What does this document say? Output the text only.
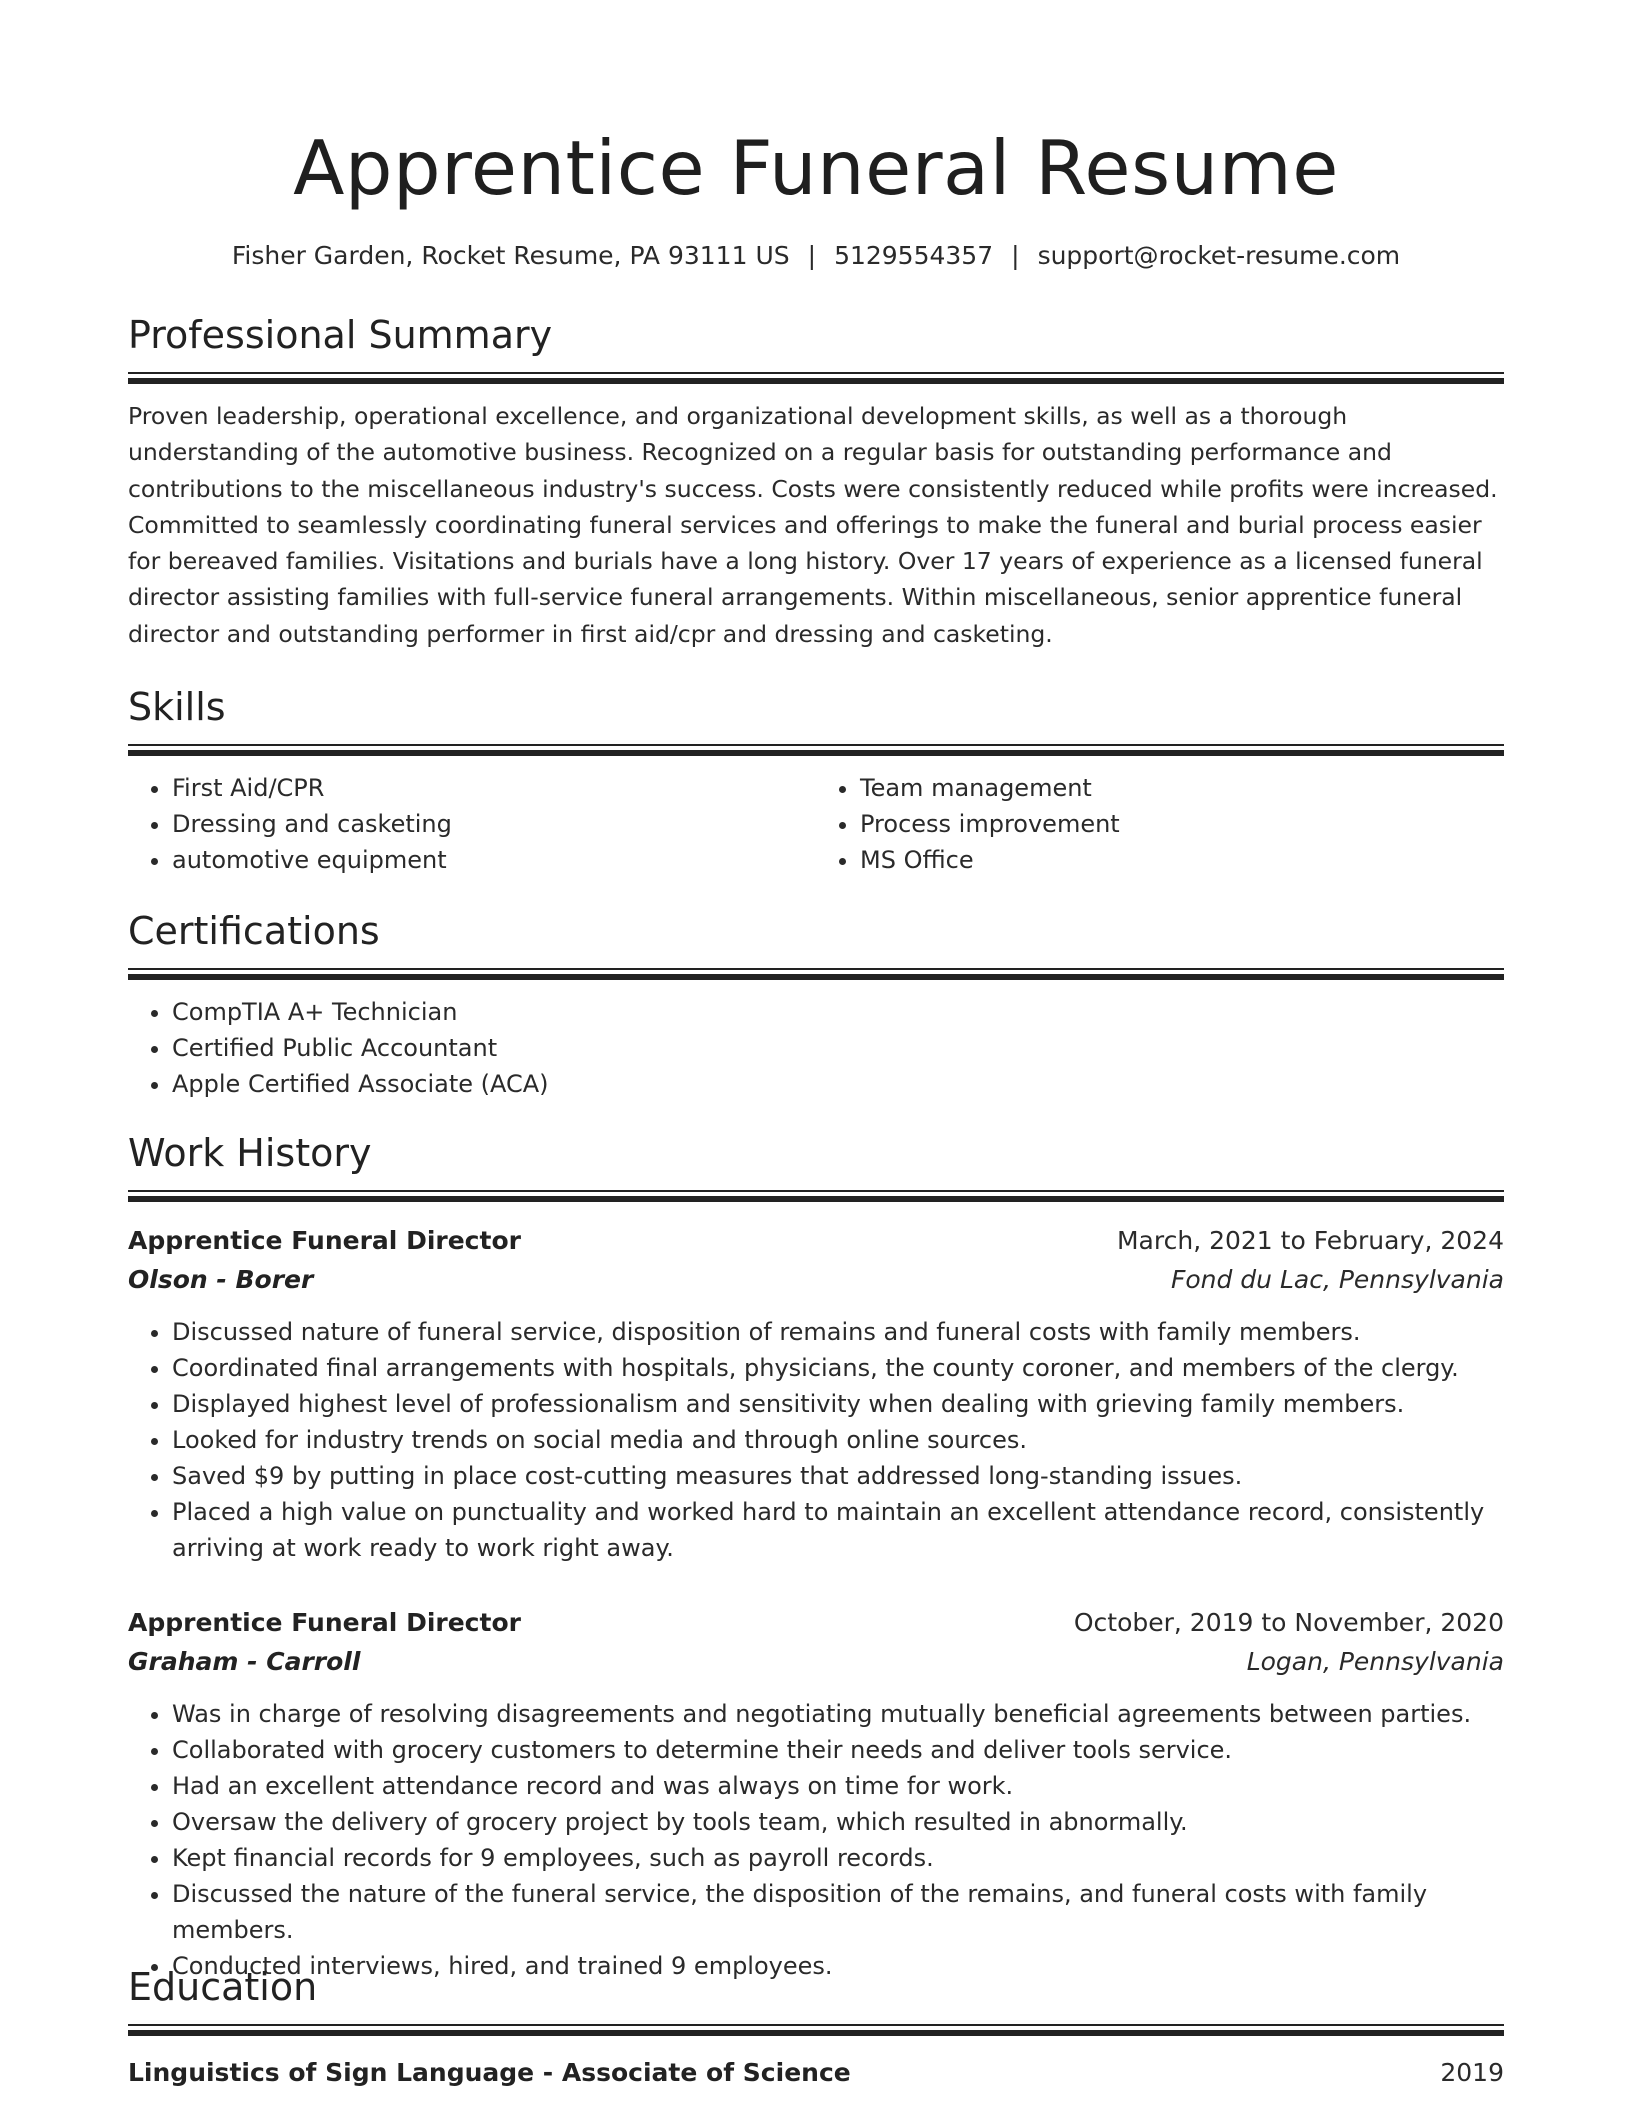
Apprentice Funeral Resume
Fisher Garden, Rocket Resume, PA 93111 US | 5129554357 | support@rocket-resume.com
Professional Summary

Proven leadership, operational excellence, and organizational development skills, as well as a thorough understanding of the automotive business. Recognized on a regular basis for outstanding performance and contributions to the miscellaneous industry's success. Costs were consistently reduced while profits were increased. Committed to seamlessly coordinating funeral services and offerings to make the funeral and burial process easier for bereaved families. Visitations and burials have a long history. Over 17 years of experience as a licensed funeral director assisting families with full-service funeral arrangements. Within miscellaneous, senior apprentice funeral director and outstanding performer in first aid/cpr and dressing and casketing.

Skills
• First Aid/CPR
• Dressing and casketing
• automotive equipment
• Team management
• Process improvement
• MS Office
Certifications
• CompTIA A+ Technician
• Certified Public Accountant
• Apple Certified Associate (ACA)
Work History
Apprentice Funeral Director	March, 2021 to February, 2024
Olson - Borer	Fond du Lac, Pennsylvania
• Discussed nature of funeral service, disposition of remains and funeral costs with family members.
• Coordinated final arrangements with hospitals, physicians, the county coroner, and members of the clergy.
• Displayed highest level of professionalism and sensitivity when dealing with grieving family members.
• Looked for industry trends on social media and through online sources.
• Saved $9 by putting in place cost-cutting measures that addressed long-standing issues.
• Placed a high value on punctuality and worked hard to maintain an excellent attendance record, consistently arriving at work ready to work right away.
Apprentice Funeral Director	October, 2019 to November, 2020
Graham - Carroll	Logan, Pennsylvania
• Was in charge of resolving disagreements and negotiating mutually beneficial agreements between parties.
• Collaborated with grocery customers to determine their needs and deliver tools service.
• Had an excellent attendance record and was always on time for work.
• Oversaw the delivery of grocery project by tools team, which resulted in abnormally.
• Kept financial records for 9 employees, such as payroll records.
• Discussed the nature of the funeral service, the disposition of the remains, and funeral costs with family members.
• Conducted interviews, hired, and trained 9 employees.
Education
Linguistics of Sign Language - Associate of Science	2019
